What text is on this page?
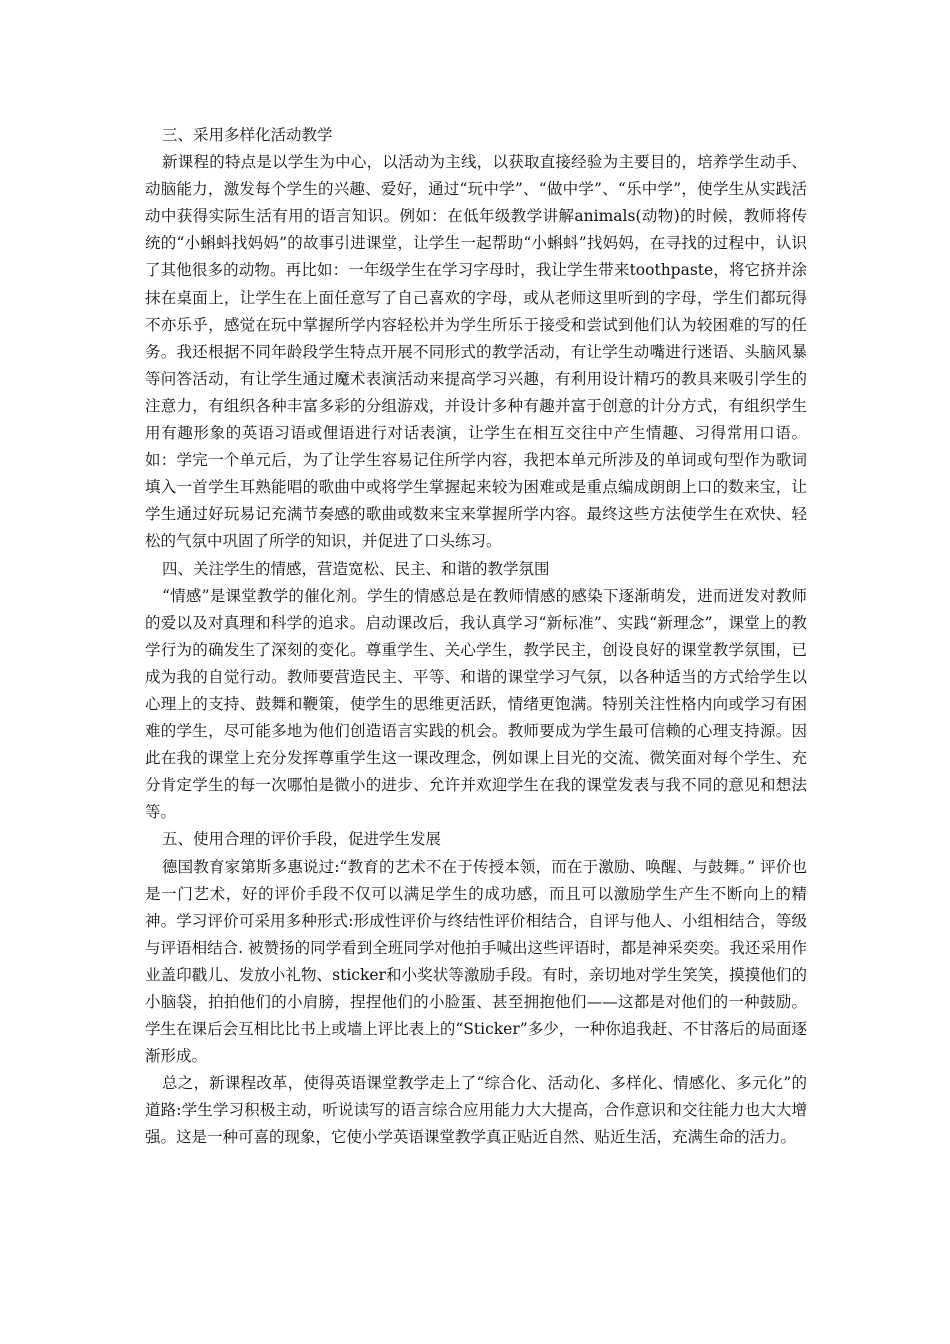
三、采用多样化活动教学

新课程的特点是以学生为中心，以活动为主线，以获取直接经验为主要目的，培养学生动手、动脑能力，激发每个学生的兴趣、爱好，通过“玩中学”、“做中学”、“乐中学”，使学生从实践活动中获得实际生活有用的语言知识。例如：在低年级教学讲解animals(动物)的时候，教师将传统的“小蝌蚪找妈妈”的故事引进课堂，让学生一起帮助“小蝌蚪”找妈妈，在寻找的过程中，认识了其他很多的动物。再比如：一年级学生在学习字母时，我让学生带来toothpaste，将它挤并涂抹在桌面上，让学生在上面任意写了自己喜欢的字母，或从老师这里听到的字母，学生们都玩得不亦乐乎，感觉在玩中掌握所学内容轻松并为学生所乐于接受和尝试到他们认为较困难的写的任务。我还根据不同年龄段学生特点开展不同形式的教学活动，有让学生动嘴进行迷语、头脑风暴等问答活动，有让学生通过魔术表演活动来提高学习兴趣，有利用设计精巧的教具来吸引学生的注意力，有组织各种丰富多彩的分组游戏，并设计多种有趣并富于创意的计分方式，有组织学生用有趣形象的英语习语或俚语进行对话表演，让学生在相互交往中产生情趣、习得常用口语。如：学完一个单元后，为了让学生容易记住所学内容，我把本单元所涉及的单词或句型作为歌词填入一首学生耳熟能唱的歌曲中或将学生掌握起来较为困难或是重点编成朗朗上口的数来宝，让学生通过好玩易记充满节奏感的歌曲或数来宝来掌握所学内容。最终这些方法使学生在欢快、轻松的气氛中巩固了所学的知识，并促进了口头练习。

四、关注学生的情感，营造宽松、民主、和谐的教学氛围

“情感”是课堂教学的催化剂。学生的情感总是在教师情感的感染下逐渐萌发，进而迸发对教师的爱以及对真理和科学的追求。启动课改后，我认真学习“新标准”、实践“新理念”，课堂上的教学行为的确发生了深刻的变化。尊重学生、关心学生，教学民主，创设良好的课堂教学氛围，已成为我的自觉行动。教师要营造民主、平等、和谐的课堂学习气氛，以各种适当的方式给学生以心理上的支持、鼓舞和鞭策，使学生的思维更活跃，情绪更饱满。特别关注性格内向或学习有困难的学生，尽可能多地为他们创造语言实践的机会。教师要成为学生最可信赖的心理支持源。因此在我的课堂上充分发挥尊重学生这一课改理念，例如课上目光的交流、微笑面对每个学生、充分肯定学生的每一次哪怕是微小的进步、允许并欢迎学生在我的课堂发表与我不同的意见和想法等。

五、使用合理的评价手段，促进学生发展

德国教育家第斯多惠说过:“教育的艺术不在于传授本领，而在于激励、唤醒、与鼓舞。” 评价也是一门艺术，好的评价手段不仅可以满足学生的成功感，而且可以激励学生产生不断向上的精神。学习评价可采用多种形式:形成性评价与终结性评价相结合，自评与他人、小组相结合，等级与评语相结合. 被赞扬的同学看到全班同学对他拍手喊出这些评语时，都是神采奕奕。我还采用作业盖印戳儿、发放小礼物、sticker和小奖状等激励手段。有时，亲切地对学生笑笑，摸摸他们的小脑袋，拍拍他们的小肩膀，捏捏他们的小脸蛋、甚至拥抱他们——这都是对他们的一种鼓励。学生在课后会互相比比书上或墙上评比表上的“Sticker”多少，一种你追我赶、不甘落后的局面逐渐形成。

总之，新课程改革，使得英语课堂教学走上了“综合化、活动化、多样化、情感化、多元化”的道路:学生学习积极主动，听说读写的语言综合应用能力大大提高，合作意识和交往能力也大大增强。这是一种可喜的现象，它使小学英语课堂教学真正贴近自然、贴近生活，充满生命的活力。
